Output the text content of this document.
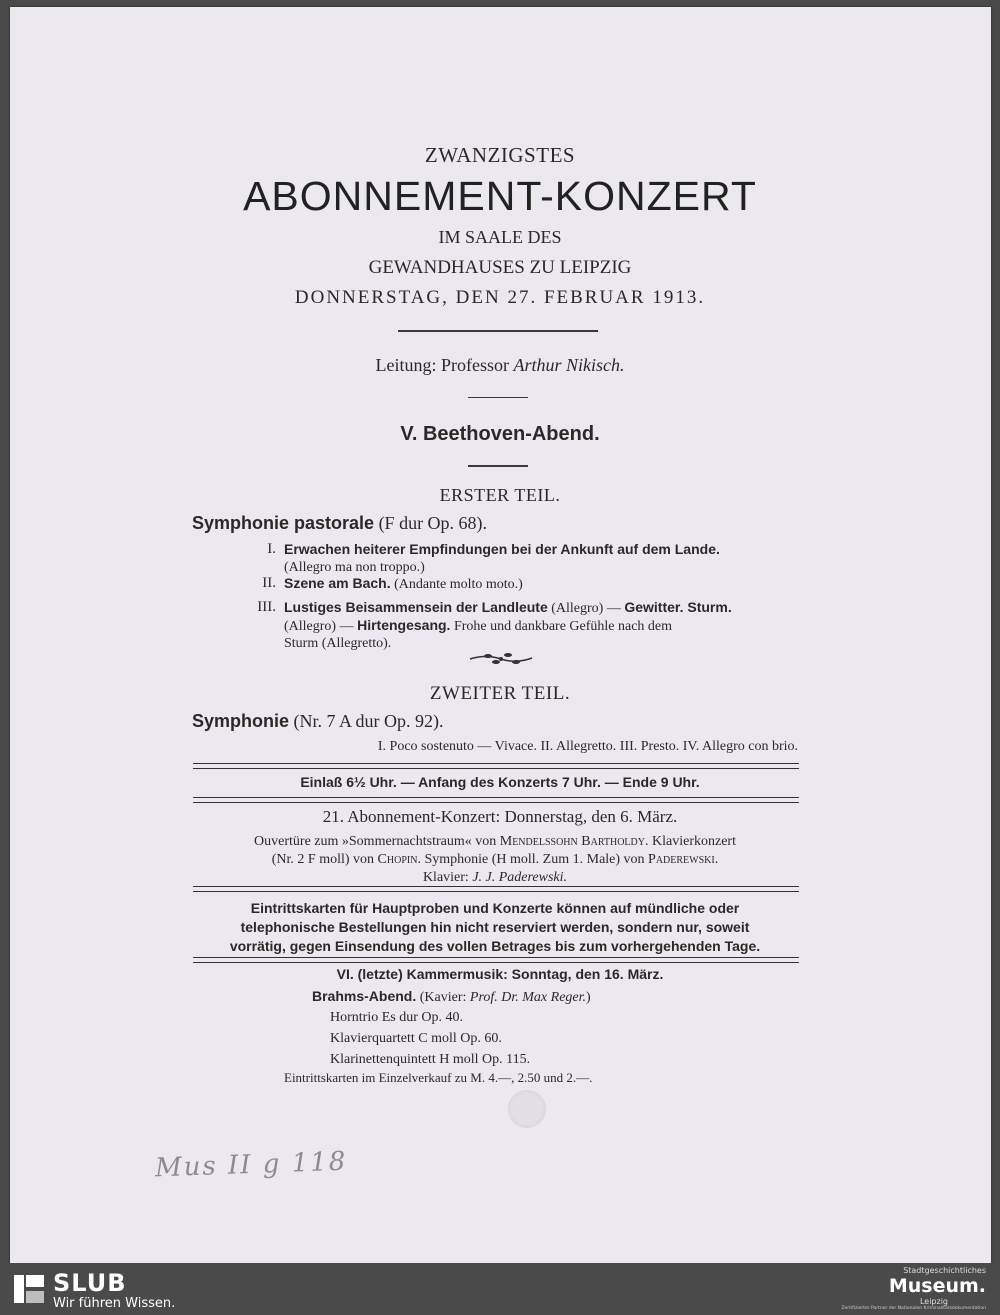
ZWANZIGSTES
ABONNEMENT-KONZERT
IM SAALE DES
GEWANDHAUSES ZU LEIPZIG
DONNERSTAG, DEN 27. FEBRUAR 1913.
Leitung: Professor Arthur Nikisch.
V. Beethoven-Abend.
ERSTER TEIL.
Symphonie pastorale (F dur Op. 68).
I. Erwachen heiterer Empfindungen bei der Ankunft auf dem Lande.
(Allegro ma non troppo.)
II. Szene am Bach. (Andante molto moto.)
III. Lustiges Beisammensein der Landleute (Allegro) — Gewitter. Sturm.
(Allegro) — Hirtengesang. Frohe und dankbare Gefühle nach dem
Sturm (Allegretto).
ZWEITER TEIL.
Symphonie (Nr. 7 A dur Op. 92).
I. Poco sostenuto — Vivace. II. Allegretto. III. Presto. IV. Allegro con brio.
Einlaß 6½ Uhr. — Anfang des Konzerts 7 Uhr. — Ende 9 Uhr.
21. Abonnement-Konzert: Donnerstag, den 6. März.
Ouvertüre zum »Sommernachtstraum« von Mendelssohn Bartholdy. Klavierkonzert
(Nr. 2 F moll) von Chopin. Symphonie (H moll. Zum 1. Male) von Paderewski.
Klavier: J. J. Paderewski.
Eintrittskarten für Hauptproben und Konzerte können auf mündliche oder
telephonische Bestellungen hin nicht reserviert werden, sondern nur, soweit
vorrätig, gegen Einsendung des vollen Betrages bis zum vorhergehenden Tage.
VI. (letzte) Kammermusik: Sonntag, den 16. März.
Brahms-Abend. (Kavier: Prof. Dr. Max Reger.)
Horntrio Es dur Op. 40.
Klavierquartett C moll Op. 60.
Klarinettenquintett H moll Op. 115.
Eintrittskarten im Einzelverkauf zu M. 4.—, 2.50 und 2.—.
Mus II g 118
SLUB
Wir führen Wissen.
Stadtgeschichtliches
Museum.
Leipzig
Zertifizierter Partner der Nationalen Kriminalitätsdokumentation
